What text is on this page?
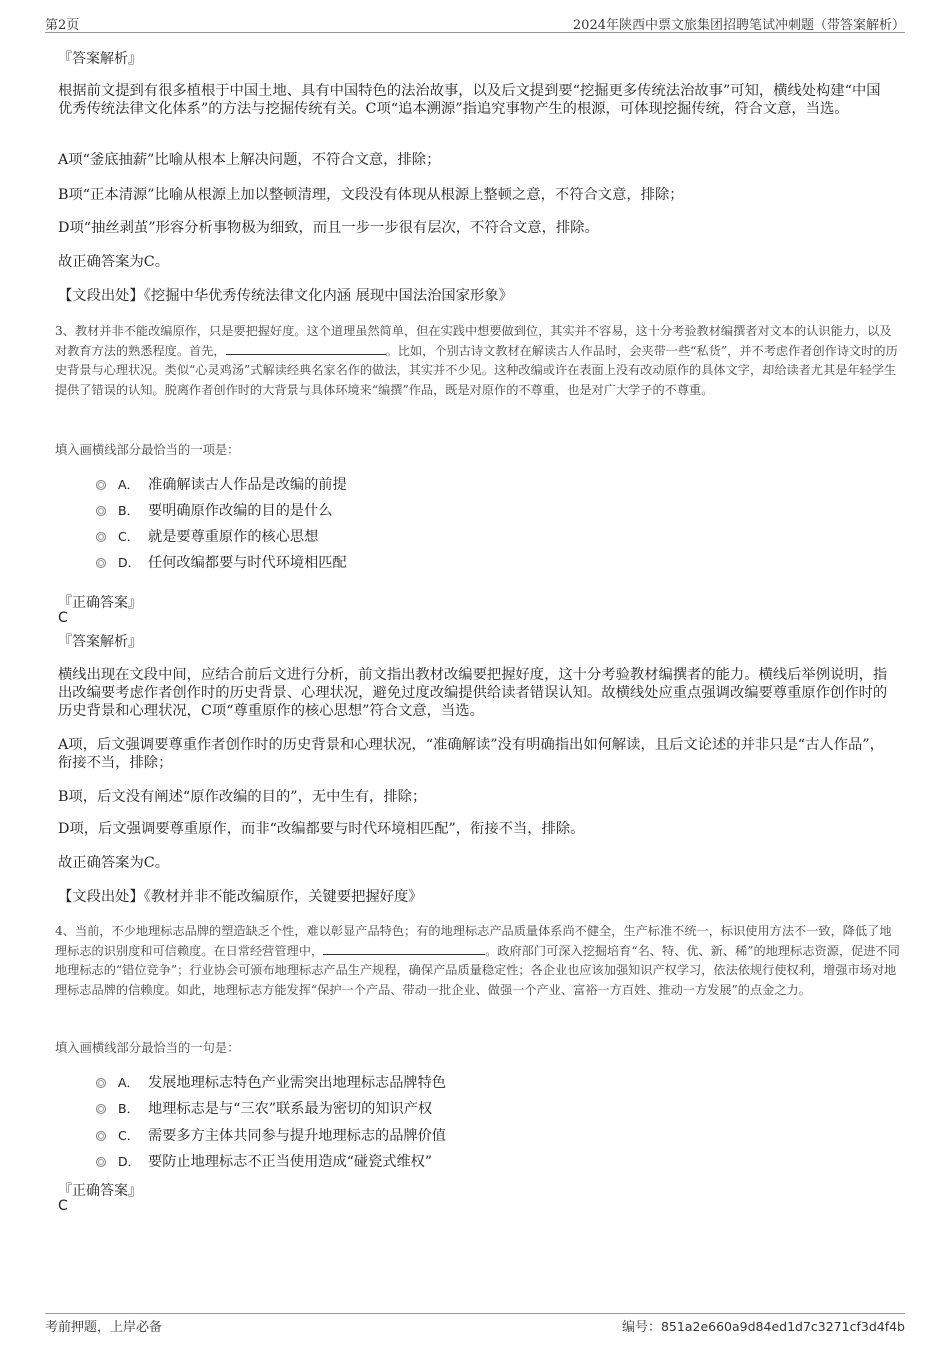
第2页	2024年陕西中票文旅集团招聘笔试冲刺题（带答案解析）
『答案解析』
根据前文提到有很多植根于中国土地、具有中国特色的法治故事，以及后文提到要“挖掘更多传统法治故事”可知，横线处构建“中国优秀传统法律文化体系”的方法与挖掘传统有关。C项“追本溯源”指追究事物产生的根源，可体现挖掘传统，符合文意，当选。
A项“釜底抽薪”比喻从根本上解决问题，不符合文意，排除；
B项“正本清源”比喻从根源上加以整顿清理，文段没有体现从根源上整顿之意，不符合文意，排除；
D项“抽丝剥茧”形容分析事物极为细致，而且一步一步很有层次，不符合文意，排除。
故正确答案为C。
【文段出处】《挖掘中华优秀传统法律文化内涵 展现中国法治国家形象》
3、教材并非不能改编原作，只是要把握好度。这个道理虽然简单，但在实践中想要做到位，其实并不容易，这十分考验教材编撰者对文本的认识能力，以及对教育方法的熟悉程度。首先，	。比如，个别古诗文教材在解读古人作品时，会夹带一些“私货”，并不考虑作者创作诗文时的历史背景与心理状况。类似“心灵鸡汤”式解读经典名家名作的做法，其实并不少见。这种改编或许在表面上没有改动原作的具体文字，却给读者尤其是年轻学生提供了错误的认知。脱离作者创作时的大背景与具体环境来“编撰”作品，既是对原作的不尊重，也是对广大学子的不尊重。
填入画横线部分最恰当的一项是：
A． 准确解读古人作品是改编的前提
B． 要明确原作改编的目的是什么
C． 就是要尊重原作的核心思想
D． 任何改编都要与时代环境相匹配
『正确答案』
C
『答案解析』
横线出现在文段中间，应结合前后文进行分析，前文指出教材改编要把握好度，这十分考验教材编撰者的能力。横线后举例说明，指出改编要考虑作者创作时的历史背景、心理状况，避免过度改编提供给读者错误认知。故横线处应重点强调改编要尊重原作创作时的历史背景和心理状况，C项“尊重原作的核心思想”符合文意，当选。
A项，后文强调要尊重作者创作时的历史背景和心理状况，“准确解读”没有明确指出如何解读，且后文论述的并非只是“古人作品”，衔接不当，排除；
B项，后文没有阐述“原作改编的目的”，无中生有，排除；
D项，后文强调要尊重原作，而非“改编都要与时代环境相匹配”，衔接不当，排除。
故正确答案为C。
【文段出处】《教材并非不能改编原作，关键要把握好度》
4、当前，不少地理标志品牌的塑造缺乏个性，难以彰显产品特色；有的地理标志产品质量体系尚不健全，生产标准不统一，标识使用方法不一致，降低了地理标志的识别度和可信赖度。在日常经营管理中，	。政府部门可深入挖掘培育“名、特、优、新、稀”的地理标志资源，促进不同地理标志的“错位竞争”；行业协会可颁布地理标志产品生产规程，确保产品质量稳定性；各企业也应该加强知识产权学习，依法依规行使权利，增强市场对地理标志品牌的信赖度。如此，地理标志方能发挥“保护一个产品、带动一批企业、做强一个产业、富裕一方百姓、推动一方发展”的点金之力。
填入画横线部分最恰当的一句是：
A． 发展地理标志特色产业需突出地理标志品牌特色
B． 地理标志是与“三农”联系最为密切的知识产权
C． 需要多方主体共同参与提升地理标志的品牌价值
D． 要防止地理标志不正当使用造成“碰瓷式维权”
『正确答案』
C
考前押题，上岸必备	编号：851a2e660a9d84ed1d7c3271cf3d4f4b
